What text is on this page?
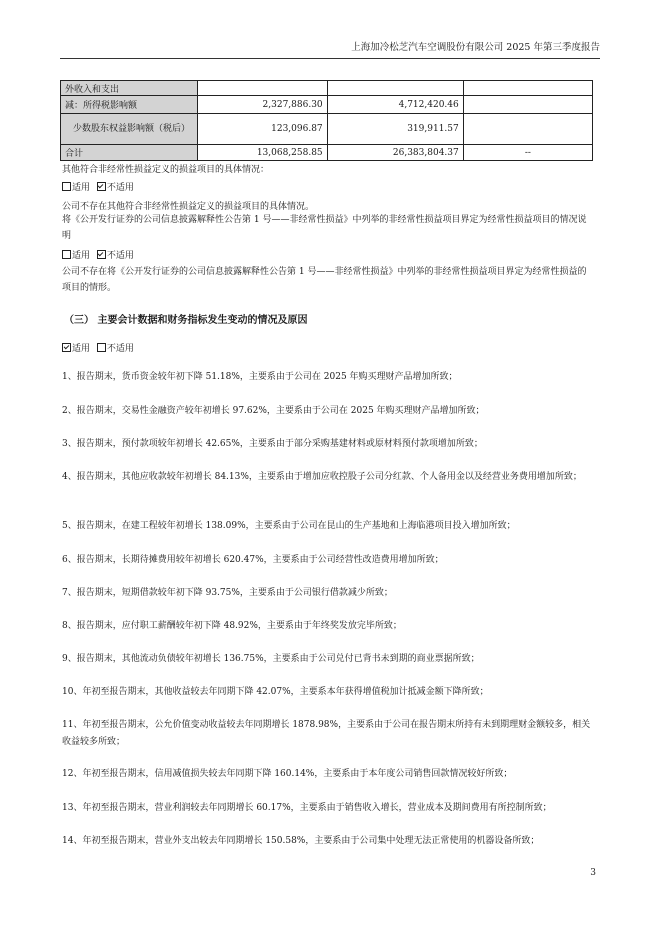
上海加冷松芝汽车空调股份有限公司 2025 年第三季度报告
外收入和支出			
减：所得税影响额	2,327,886.30	4,712,420.46	
少数股东权益影响额（税后）	123,096.87	319,911.57	
合计	13,068,258.85	26,383,804.37	--
其他符合非经常性损益定义的损益项目的具体情况：
适用 不适用
公司不存在其他符合非经常性损益定义的损益项目的具体情况。
将《公开发行证券的公司信息披露解释性公告第 1 号——非经常性损益》中列举的非经常性损益项目界定为经常性损益项目的情况说明
适用 不适用
公司不存在将《公开发行证券的公司信息披露解释性公告第 1 号——非经常性损益》中列举的非经常性损益项目界定为经常性损益的项目的情形。
（三） 主要会计数据和财务指标发生变动的情况及原因
适用 不适用
1、报告期末，货币资金较年初下降 51.18%，主要系由于公司在 2025 年购买理财产品增加所致；
2、报告期末，交易性金融资产较年初增长 97.62%，主要系由于公司在 2025 年购买理财产品增加所致；
3、报告期末，预付款项较年初增长 42.65%，主要系由于部分采购基建材料或原材料预付款项增加所致；
4、报告期末，其他应收款较年初增长 84.13%，主要系由于增加应收控股子公司分红款、个人备用金以及经营业务费用增加所致；
5、报告期末，在建工程较年初增长 138.09%，主要系由于公司在昆山的生产基地和上海临港项目投入增加所致；
6、报告期末，长期待摊费用较年初增长 620.47%，主要系由于公司经营性改造费用增加所致；
7、报告期末，短期借款较年初下降 93.75%，主要系由于公司银行借款减少所致；
8、报告期末，应付职工薪酬较年初下降 48.92%，主要系由于年终奖发放完毕所致；
9、报告期末，其他流动负债较年初增长 136.75%，主要系由于公司兑付已背书未到期的商业票据所致；
10、年初至报告期末，其他收益较去年同期下降 42.07%，主要系本年获得增值税加计抵减金额下降所致；
11、年初至报告期末，公允价值变动收益较去年同期增长 1878.98%，主要系由于公司在报告期末所持有未到期理财金额较多，相关收益较多所致；
12、年初至报告期末，信用减值损失较去年同期下降 160.14%，主要系由于本年度公司销售回款情况较好所致；
13、年初至报告期末，营业利润较去年同期增长 60.17%，主要系由于销售收入增长，营业成本及期间费用有所控制所致；
14、年初至报告期末，营业外支出较去年同期增长 150.58%，主要系由于公司集中处理无法正常使用的机器设备所致；
3
